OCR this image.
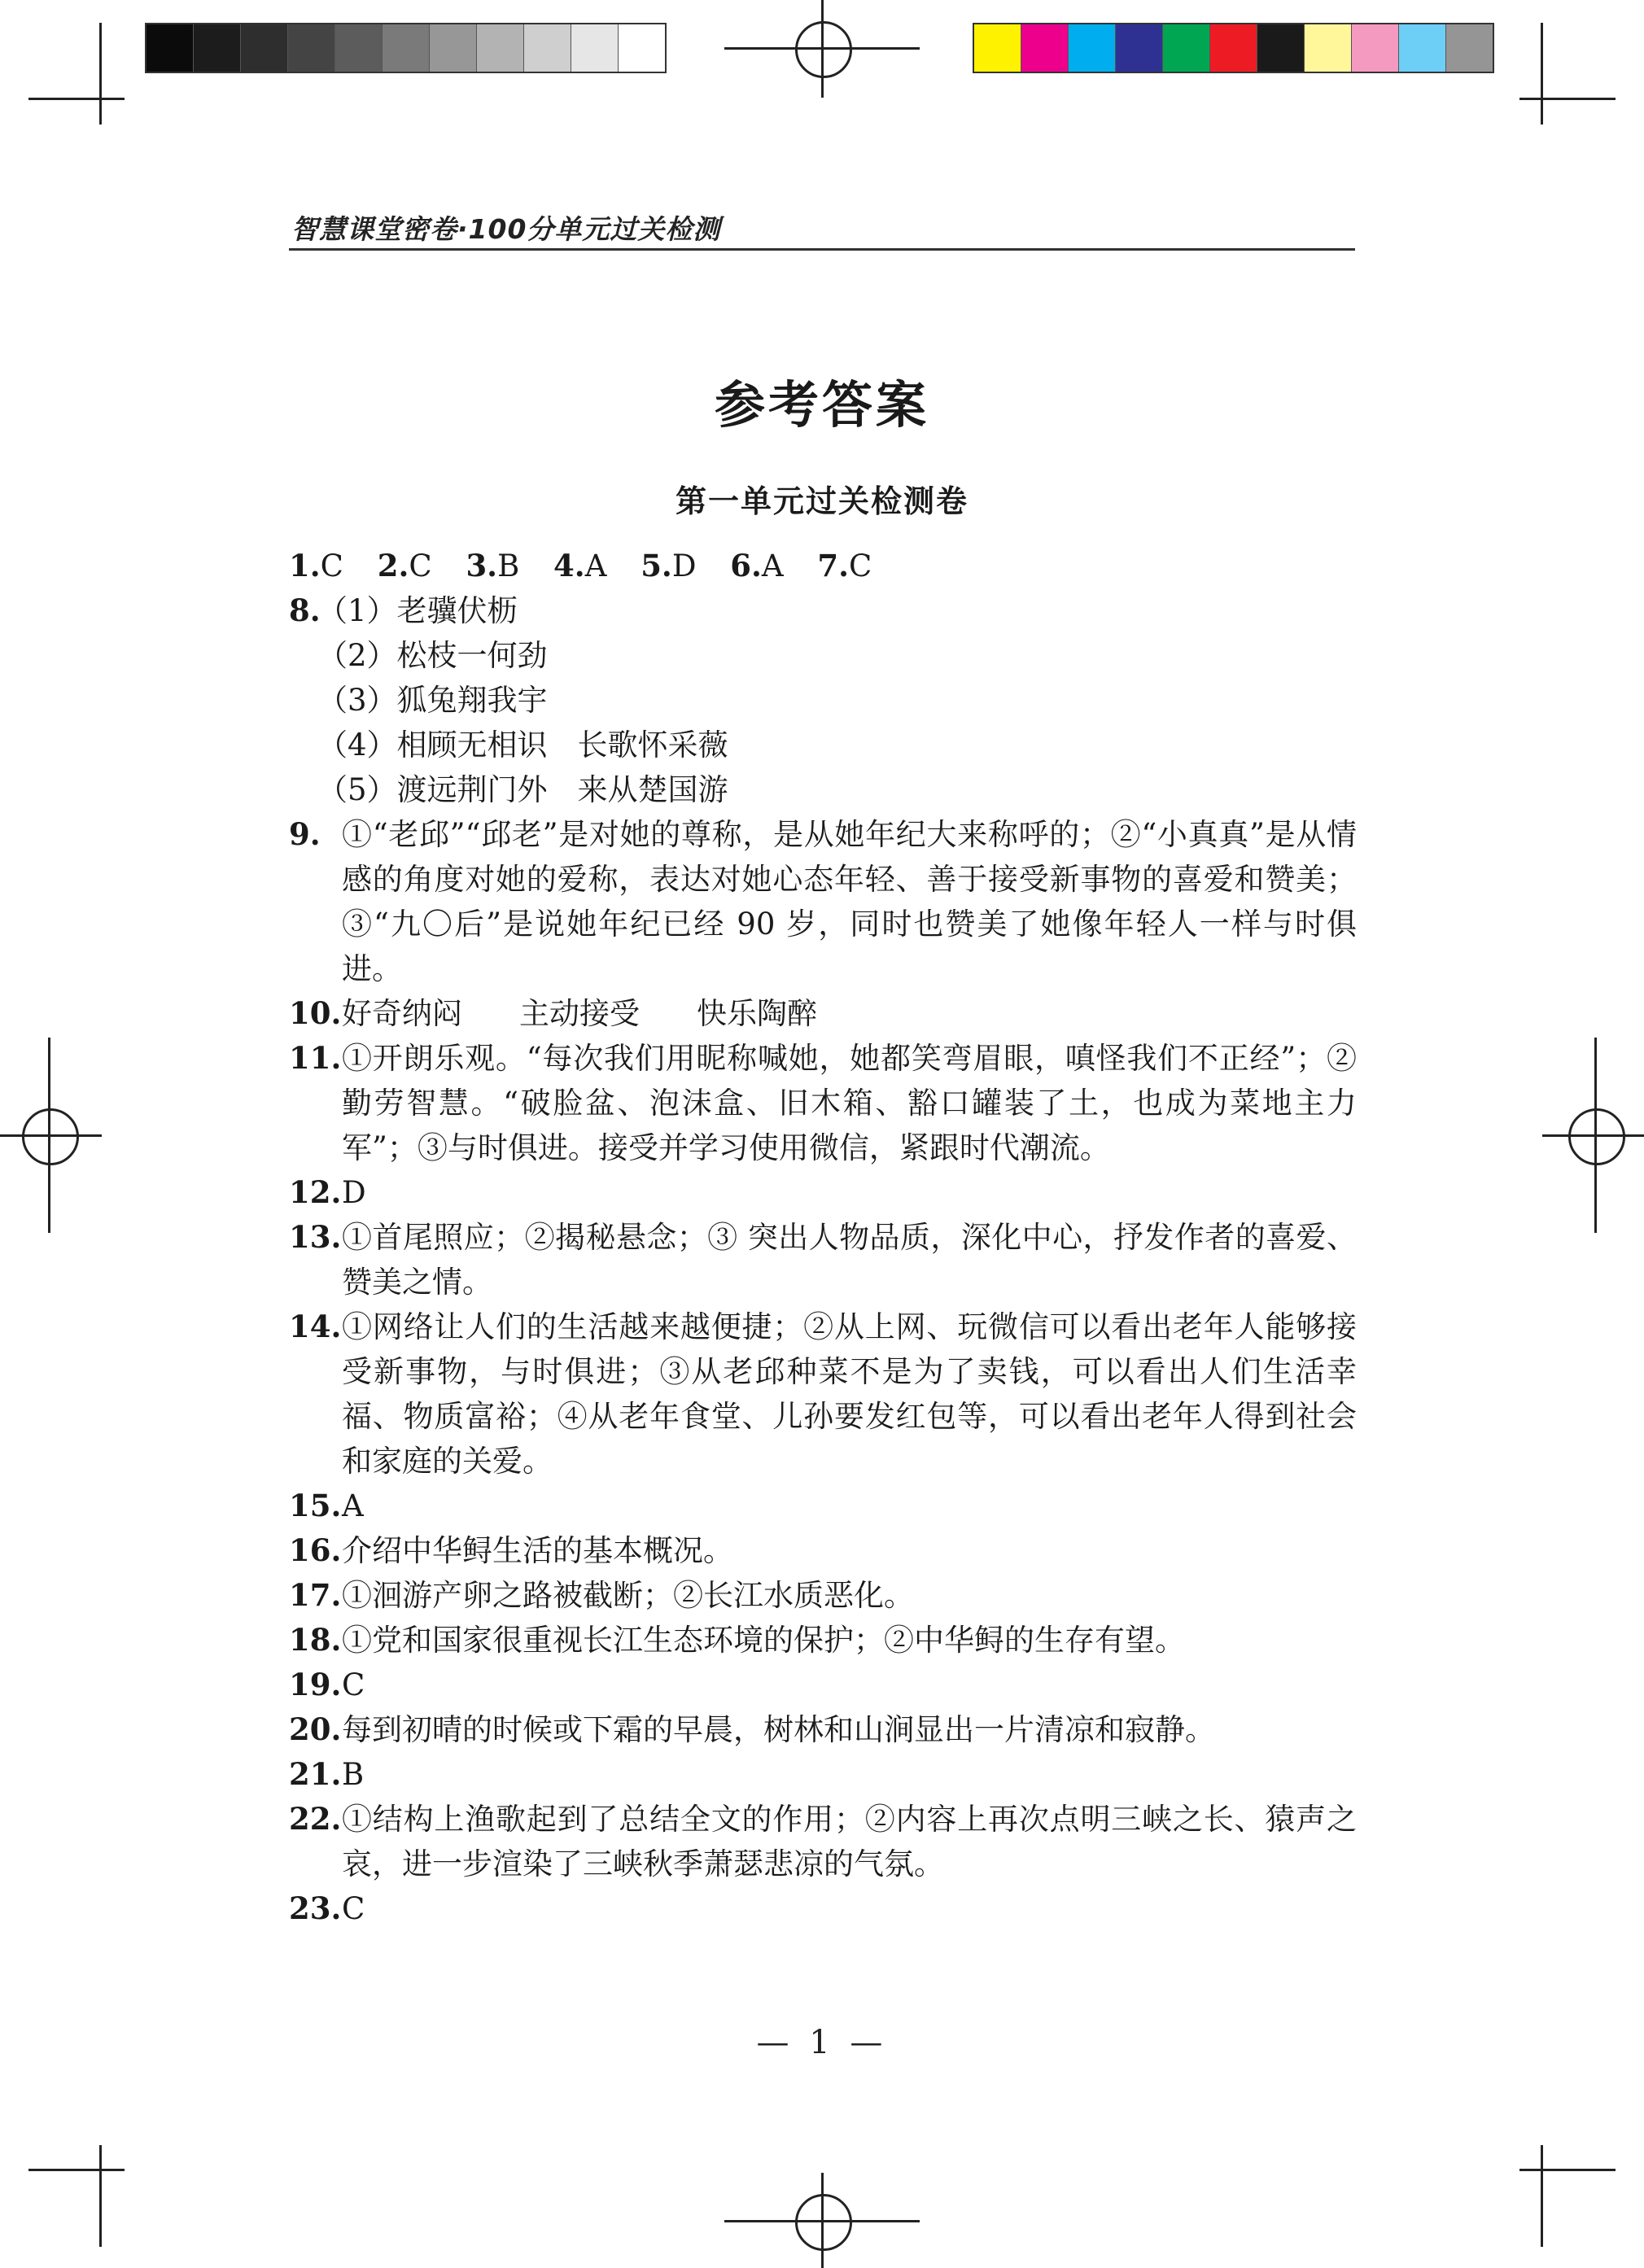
智慧课堂密卷·100分单元过关检测
参考答案
第一单元过关检测卷
1.C 2.C 3.B 4.A 5.D 6.A 7.C
8.
（1）老骥伏枥
（2）松枝一何劲
（3）狐兔翔我宇
（4）相顾无相识　长歌怀采薇
（5）渡远荆门外　来从楚国游
9. ①“老邱”“邱老”是对她的尊称，是从她年纪大来称呼的；②“小真真”是从情感的角度对她的爱称，表达对她心态年轻、善于接受新事物的喜爱和赞美；③“九〇后”是说她年纪已经 90 岁，同时也赞美了她像年轻人一样与时俱进。
10. 好奇纳闷 主动接受 快乐陶醉
11. ①开朗乐观。“每次我们用昵称喊她，她都笑弯眉眼，嗔怪我们不正经”；②勤劳智慧。“破脸盆、泡沫盒、旧木箱、豁口罐装了土，也成为菜地主力军”；③与时俱进。接受并学习使用微信，紧跟时代潮流。
12. D
13. ①首尾照应；②揭秘悬念；③ 突出人物品质，深化中心，抒发作者的喜爱、赞美之情。
14. ①网络让人们的生活越来越便捷；②从上网、玩微信可以看出老年人能够接受新事物，与时俱进；③从老邱种菜不是为了卖钱，可以看出人们生活幸福、物质富裕；④从老年食堂、儿孙要发红包等，可以看出老年人得到社会和家庭的关爱。
15. A
16. 介绍中华鲟生活的基本概况。
17. ①洄游产卵之路被截断；②长江水质恶化。
18. ①党和国家很重视长江生态环境的保护；②中华鲟的生存有望。
19. C
20. 每到初晴的时候或下霜的早晨，树林和山涧显出一片清凉和寂静。
21. B
22. ①结构上渔歌起到了总结全文的作用；②内容上再次点明三峡之长、猿声之哀，进一步渲染了三峡秋季萧瑟悲凉的气氛。
23. C
— 1 —
